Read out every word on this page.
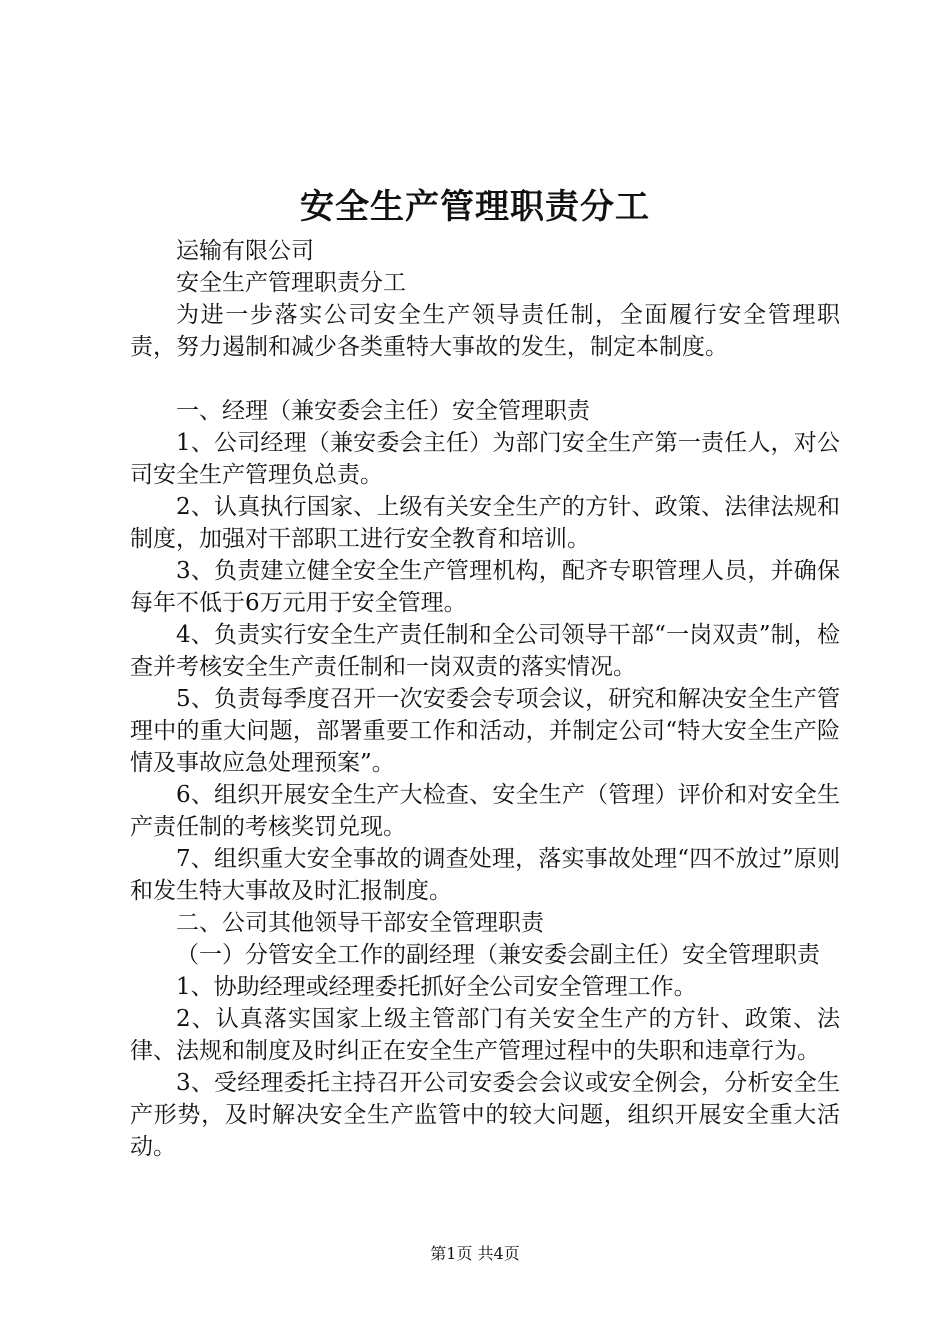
安全生产管理职责分工

运输有限公司

安全生产管理职责分工

为进一步落实公司安全生产领导责任制，全面履行安全管理职责，努力遏制和减少各类重特大事故的发生，制定本制度。

一、经理（兼安委会主任）安全管理职责

1、公司经理（兼安委会主任）为部门安全生产第一责任人，对公司安全生产管理负总责。

2、认真执行国家、上级有关安全生产的方针、政策、法律法规和制度，加强对干部职工进行安全教育和培训。

3、负责建立健全安全生产管理机构，配齐专职管理人员，并确保每年不低于6万元用于安全管理。

4、负责实行安全生产责任制和全公司领导干部“一岗双责”制，检查并考核安全生产责任制和一岗双责的落实情况。

5、负责每季度召开一次安委会专项会议，研究和解决安全生产管理中的重大问题，部署重要工作和活动，并制定公司“特大安全生产险情及事故应急处理预案”。

6、组织开展安全生产大检查、安全生产（管理）评价和对安全生产责任制的考核奖罚兑现。

7、组织重大安全事故的调查处理，落实事故处理“四不放过”原则和发生特大事故及时汇报制度。

二、公司其他领导干部安全管理职责

（一）分管安全工作的副经理（兼安委会副主任）安全管理职责

1、协助经理或经理委托抓好全公司安全管理工作。

2、认真落实国家上级主管部门有关安全生产的方针、政策、法律、法规和制度及时纠正在安全生产管理过程中的失职和违章行为。

3、受经理委托主持召开公司安委会会议或安全例会，分析安全生产形势，及时解决安全生产监管中的较大问题，组织开展安全重大活动。

第1页 共4页
